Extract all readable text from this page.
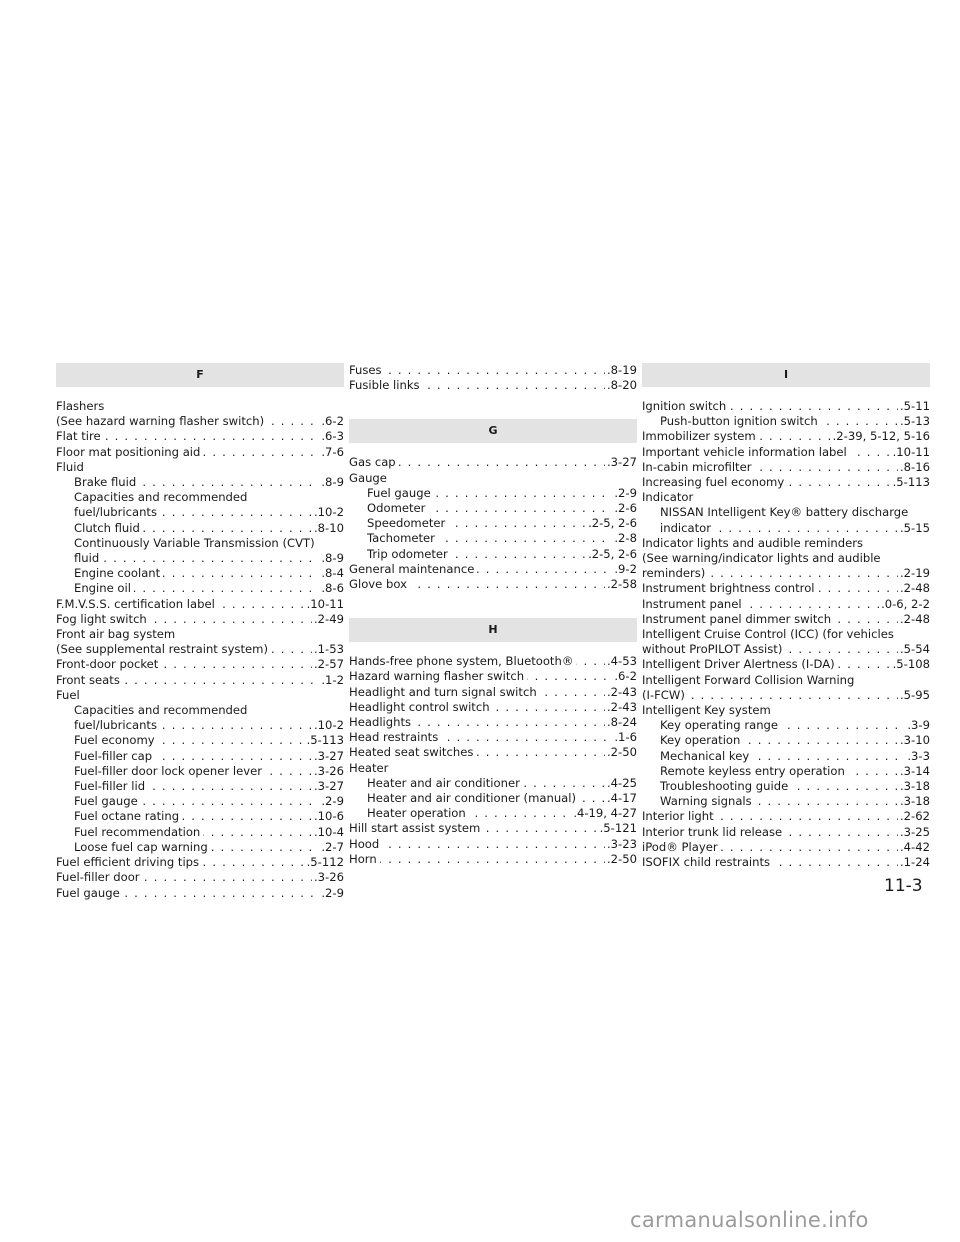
F
Flashers
. . . (See hazard warning flasher switch)	.6-2
. . . Flat tire	.6-3
. . . Floor mat positioning aid	.7-6
Fluid
. . . Brake fluid	.8-9
Capacities and recommended
. . . fuel/lubricants	.10-2
. . . Clutch fluid	.8-10
Continuously Variable Transmission (CVT)
. . . fluid	.8-9
. . . Engine coolant	.8-4
. . . Engine oil	.8-6
. . . F.M.V.S.S. certification label	.10-11
. . . Fog light switch	.2-49
Front air bag system
. . . (See supplemental restraint system)	.1-53
. . . Front-door pocket	.2-57
. . . Front seats	.1-2
Fuel
Capacities and recommended
. . . fuel/lubricants	.10-2
. . . Fuel economy	.5-113
. . . Fuel-filler cap	.3-27
. . . Fuel-filler door lock opener lever	.3-26
. . . Fuel-filler lid	.3-27
. . . Fuel gauge	.2-9
. . . Fuel octane rating	.10-6
. . . Fuel recommendation	.10-4
. . . Loose fuel cap warning	.2-7
. . . Fuel efficient driving tips	.5-112
. . . Fuel-filler door	.3-26
. . . Fuel gauge	.2-9
. . . Fuses	.8-19
. . . Fusible links	.8-20
G
. . . Gas cap	.3-27
Gauge
. . . Fuel gauge	.2-9
. . . Odometer	.2-6
. . . Speedometer	.2-5, 2-6
. . . Tachometer	.2-8
. . . Trip odometer	.2-5, 2-6
. . . General maintenance	.9-2
. . . Glove box	.2-58
H
. . . Hands-free phone system, Bluetooth®	.4-53
. . . Hazard warning flasher switch	.6-2
. . . Headlight and turn signal switch	.2-43
. . . Headlight control switch	.2-43
. . . Headlights	.8-24
. . . Head restraints	.1-6
. . . Heated seat switches	.2-50
Heater
. . . Heater and air conditioner	.4-25
. . . Heater and air conditioner (manual)	.4-17
. . . Heater operation	.4-19, 4-27
. . . Hill start assist system	.5-121
. . . Hood	.3-23
. . . Horn	.2-50
I
. . . Ignition switch	.5-11
. . . Push-button ignition switch	.5-13
. . . Immobilizer system	.2-39, 5-12, 5-16
. . . Important vehicle information label	.10-11
. . . In-cabin microfilter	.8-16
. . . Increasing fuel economy	.5-113
Indicator
NISSAN Intelligent Key® battery discharge
. . . indicator	.5-15
Indicator lights and audible reminders
(See warning/indicator lights and audible
. . . reminders)	.2-19
. . . Instrument brightness control	.2-48
. . . Instrument panel	.0-6, 2-2
. . . Instrument panel dimmer switch	.2-48
Intelligent Cruise Control (ICC) (for vehicles
. . . without ProPILOT Assist)	.5-54
. . . Intelligent Driver Alertness (I-DA)	.5-108
Intelligent Forward Collision Warning
. . . (I-FCW)	.5-95
Intelligent Key system
. . . Key operating range	.3-9
. . . Key operation	.3-10
. . . Mechanical key	.3-3
. . . Remote keyless entry operation	.3-14
. . . Troubleshooting guide	.3-18
. . . Warning signals	.3-18
. . . Interior light	.2-62
. . . Interior trunk lid release	.3-25
. . . iPod® Player	.4-42
. . . ISOFIX child restraints	.1-24
11-3
carmanualsonline.info
